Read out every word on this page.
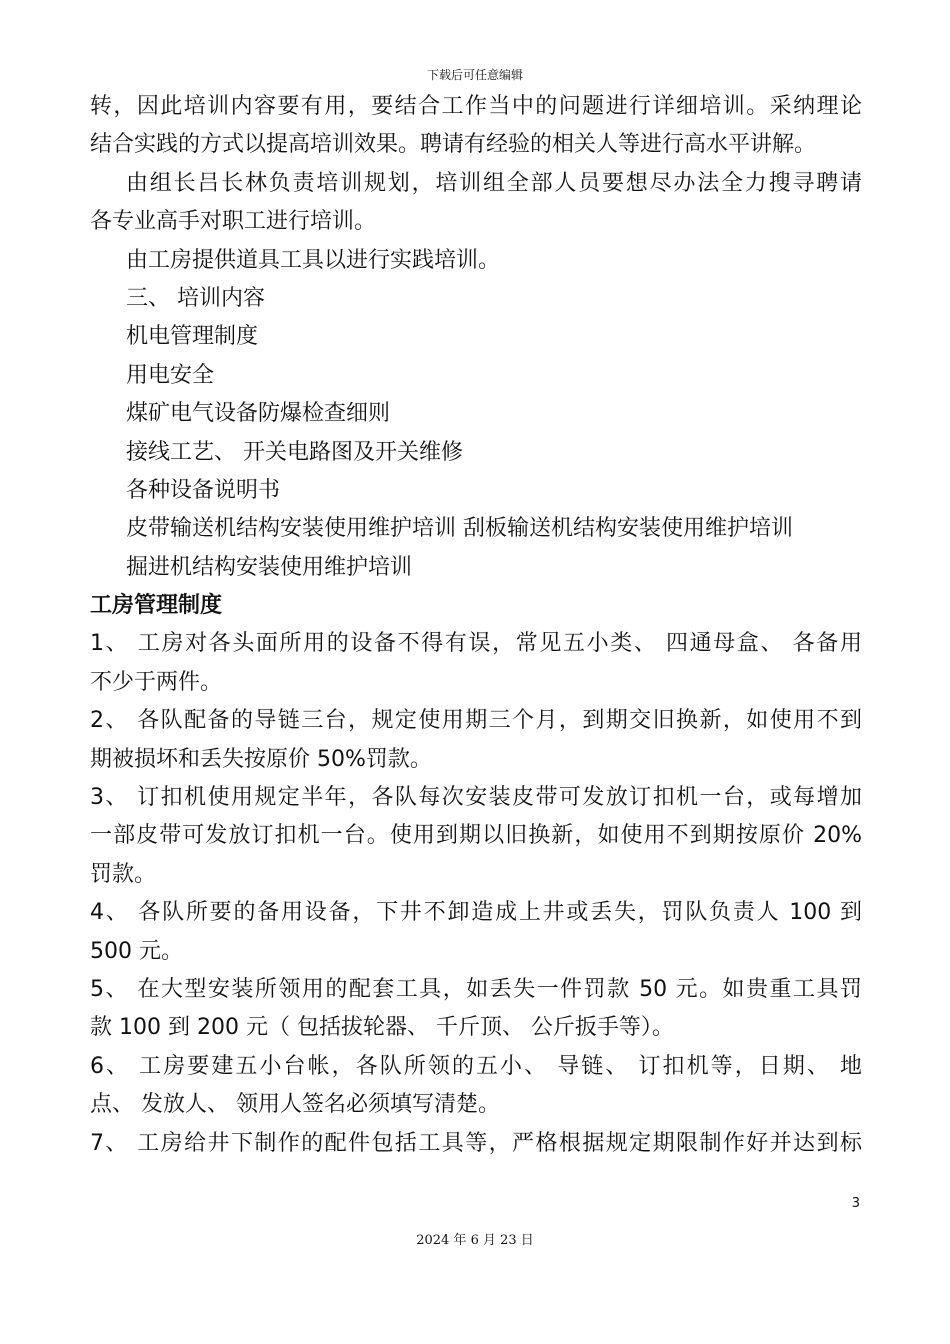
下载后可任意编辑
转，因此培训内容要有用，要结合工作当中的问题进行详细培训。采纳理论
结合实践的方式以提高培训效果。聘请有经验的相关人等进行高水平讲解。
由组长吕长林负责培训规划，培训组全部人员要想尽办法全力搜寻聘请
各专业高手对职工进行培训。
由工房提供道具工具以进行实践培训。
三、 培训内容
机电管理制度
用电安全
煤矿电气设备防爆检查细则
接线工艺、 开关电路图及开关维修
各种设备说明书
皮带输送机结构安装使用维护培训 刮板输送机结构安装使用维护培训
掘进机结构安装使用维护培训
工房管理制度
1、 工房对各头面所用的设备不得有误，常见五小类、 四通母盒、 各备用
不少于两件。
2、 各队配备的导链三台，规定使用期三个月，到期交旧换新，如使用不到
期被损坏和丢失按原价 50%罚款。
3、 订扣机使用规定半年，各队每次安装皮带可发放订扣机一台，或每增加
一部皮带可发放订扣机一台。使用到期以旧换新，如使用不到期按原价 20%
罚款。
4、 各队所要的备用设备，下井不卸造成上井或丢失，罚队负责人 100 到
500 元。
5、 在大型安装所领用的配套工具，如丢失一件罚款 50 元。如贵重工具罚
款 100 到 200 元（ 包括拔轮器、 千斤顶、 公斤扳手等）。
6、 工房要建五小台帐，各队所领的五小、 导链、 订扣机等，日期、 地
点、 发放人、 领用人签名必须填写清楚。
7、 工房给井下制作的配件包括工具等，严格根据规定期限制作好并达到标
3
2024 年 6 月 23 日
